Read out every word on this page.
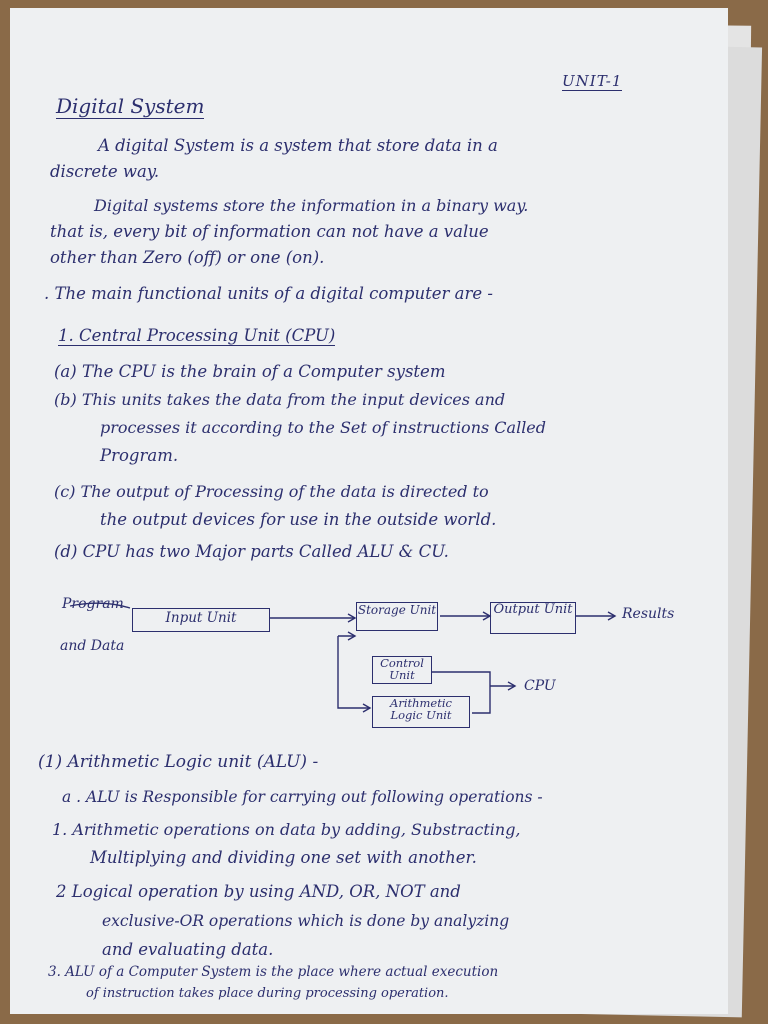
UNIT-1
Digital System
A digital System is a system that store data in a
discrete way.
Digital systems store the information in a binary way.
that is, every bit of information can not have a value
other than Zero (off) or one (on).
. The main functional units of a digital computer are -
1. Central Processing Unit (CPU)
(a) The CPU is the brain of a Computer system
(b) This units takes the data from the input devices and
processes it according to the Set of instructions Called
Program.
(c) The output of Processing of the data is directed to
the output devices for use in the outside world.
(d) CPU has two Major parts Called ALU & CU.
Program
and Data
Input Unit	Storage Unit	Output Unit	Results
Control Unit
Arithmetic Logic Unit
CPU
(1) Arithmetic Logic unit (ALU) -
a . ALU is Responsible for carrying out following operations -
1. Arithmetic operations on data by adding, Substracting,
Multiplying and dividing one set with another.
2 Logical operation by using AND, OR, NOT and
exclusive-OR operations which is done by analyzing
and evaluating data.
3. ALU of a Computer System is the place where actual execution
of instruction takes place during processing operation.
